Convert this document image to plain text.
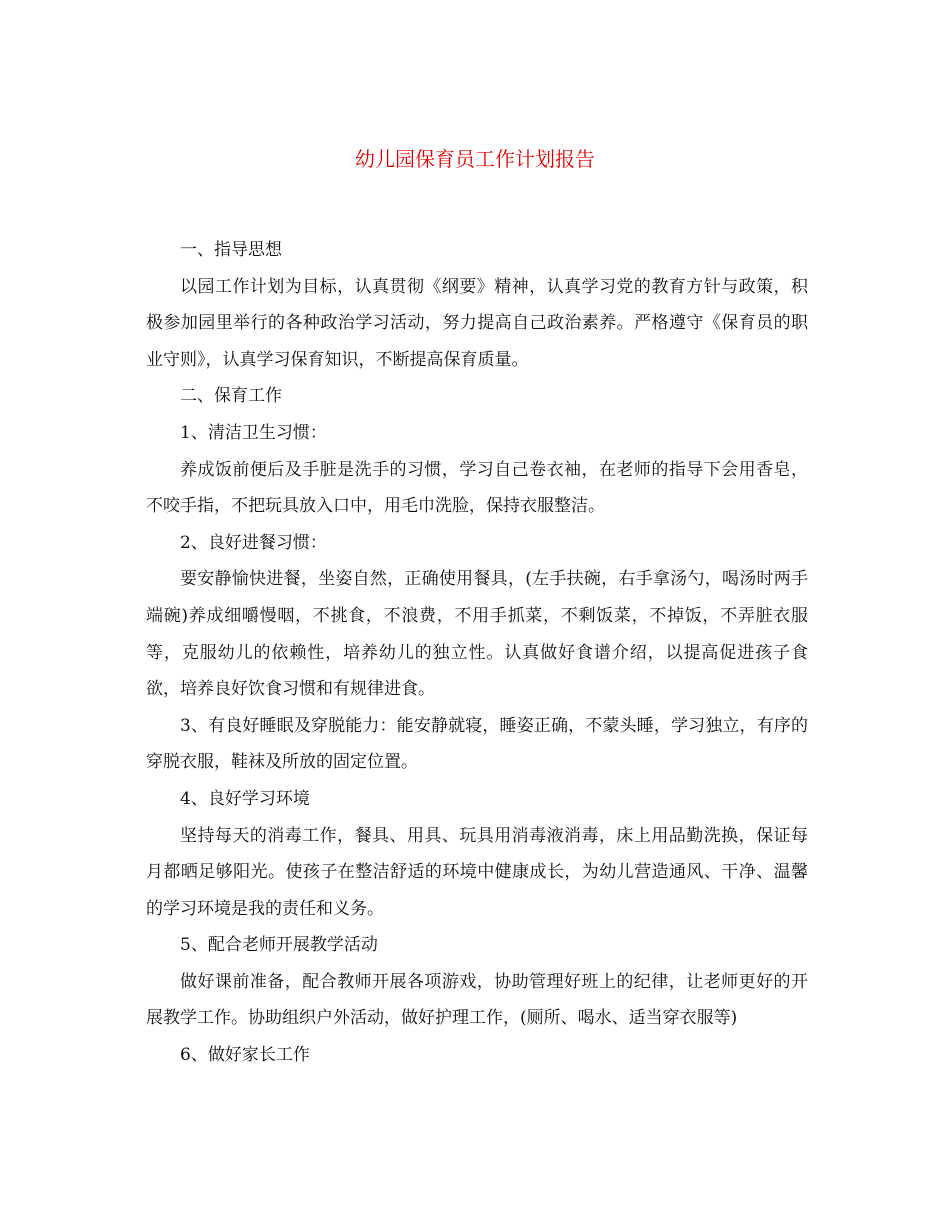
幼儿园保育员工作计划报告

一、指导思想

以园工作计划为目标，认真贯彻《纲要》精神，认真学习党的教育方针与政策，积极参加园里举行的各种政治学习活动，努力提高自己政治素养。严格遵守《保育员的职业守则》，认真学习保育知识，不断提高保育质量。

二、保育工作

1、清洁卫生习惯：

养成饭前便后及手脏是洗手的习惯，学习自己卷衣袖，在老师的指导下会用香皂，不咬手指，不把玩具放入口中，用毛巾洗脸，保持衣服整洁。

2、良好进餐习惯：

要安静愉快进餐，坐姿自然，正确使用餐具，(左手扶碗，右手拿汤勺，喝汤时两手端碗)养成细嚼慢咽，不挑食，不浪费，不用手抓菜，不剩饭菜，不掉饭，不弄脏衣服等，克服幼儿的依赖性，培养幼儿的独立性。认真做好食谱介绍，以提高促进孩子食欲，培养良好饮食习惯和有规律进食。

3、有良好睡眠及穿脱能力：能安静就寝，睡姿正确，不蒙头睡，学习独立，有序的穿脱衣服，鞋袜及所放的固定位置。

4、良好学习环境

坚持每天的消毒工作，餐具、用具、玩具用消毒液消毒，床上用品勤洗换，保证每月都晒足够阳光。使孩子在整洁舒适的环境中健康成长，为幼儿营造通风、干净、温馨的学习环境是我的责任和义务。

5、配合老师开展教学活动

做好课前准备，配合教师开展各项游戏，协助管理好班上的纪律，让老师更好的开展教学工作。协助组织户外活动，做好护理工作，(厕所、喝水、适当穿衣服等)

6、做好家长工作
